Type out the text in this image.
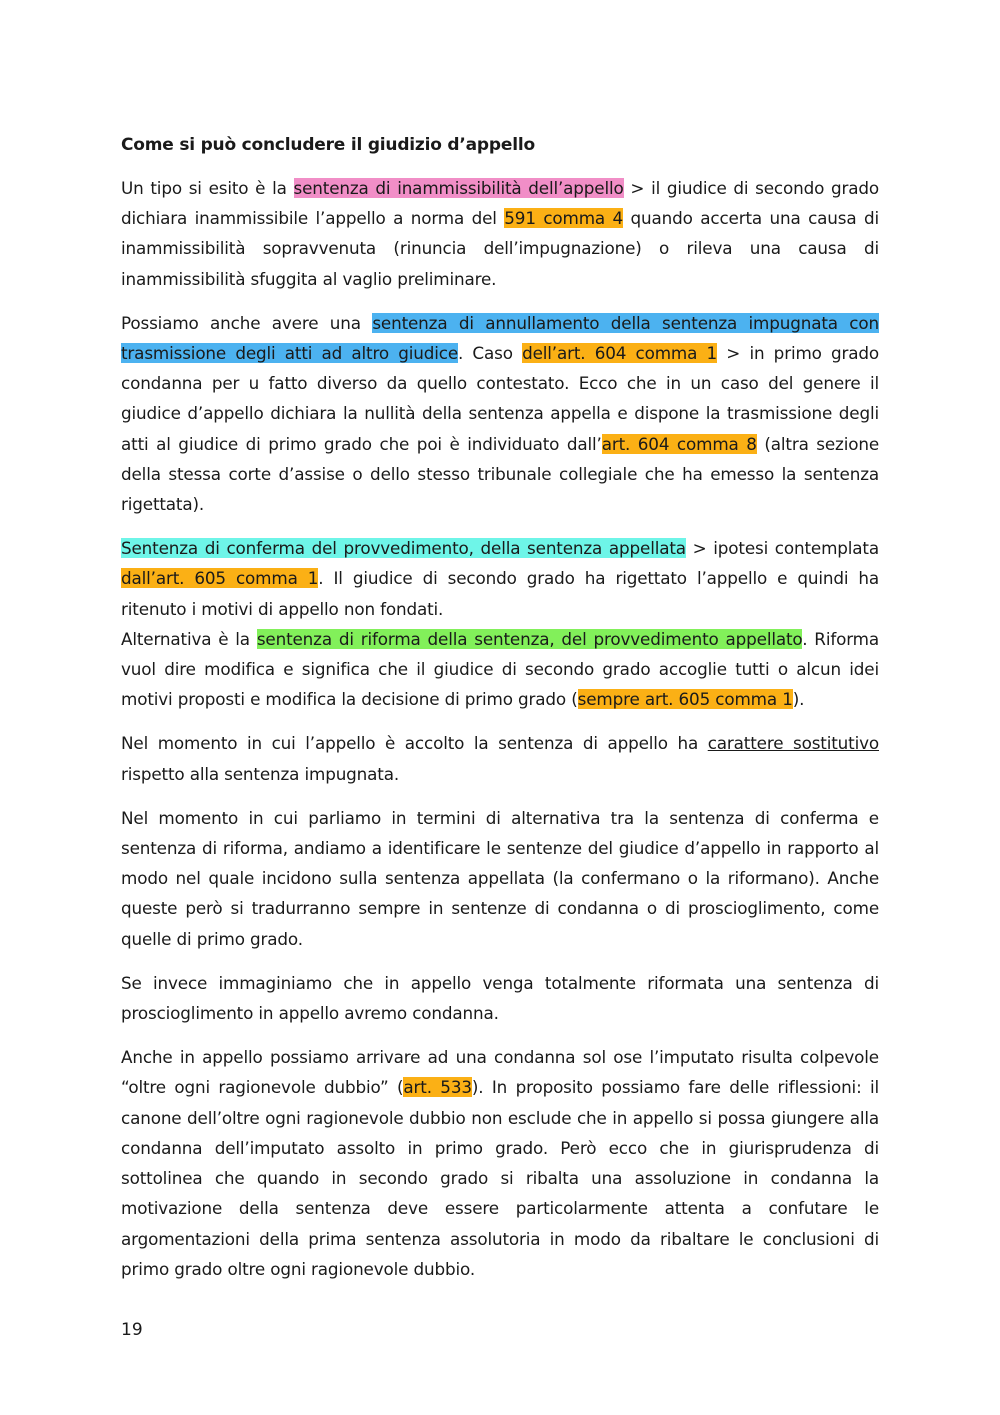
Come si può concludere il giudizio d’appello

Un tipo si esito è la sentenza di inammissibilità dell’appello > il giudice di secondo grado dichiara inammissibile l’appello a norma del 591 comma 4 quando accerta una causa di inammissibilità sopravvenuta (rinuncia dell’impugnazione) o rileva una causa di inammissibilità sfuggita al vaglio preliminare.

Possiamo anche avere una sentenza di annullamento della sentenza impugnata con trasmissione degli atti ad altro giudice. Caso dell’art. 604 comma 1 > in primo grado condanna per u fatto diverso da quello contestato. Ecco che in un caso del genere il giudice d’appello dichiara la nullità della sentenza appella e dispone la trasmissione degli atti al giudice di primo grado che poi è individuato dall’art. 604 comma 8 (altra sezione della stessa corte d’assise o dello stesso tribunale collegiale che ha emesso la sentenza rigettata).

Sentenza di conferma del provvedimento, della sentenza appellata > ipotesi contemplata dall’art. 605 comma 1. Il giudice di secondo grado ha rigettato l’appello e quindi ha ritenuto i motivi di appello non fondati.

Alternativa è la sentenza di riforma della sentenza, del provvedimento appellato. Riforma vuol dire modifica e significa che il giudice di secondo grado accoglie tutti o alcun idei motivi proposti e modifica la decisione di primo grado (sempre art. 605 comma 1).

Nel momento in cui l’appello è accolto la sentenza di appello ha carattere sostitutivo rispetto alla sentenza impugnata.

Nel momento in cui parliamo in termini di alternativa tra la sentenza di conferma e sentenza di riforma, andiamo a identificare le sentenze del giudice d’appello in rapporto al modo nel quale incidono sulla sentenza appellata (la confermano o la riformano). Anche queste però si tradurranno sempre in sentenze di condanna o di proscioglimento, come quelle di primo grado.

Se invece immaginiamo che in appello venga totalmente riformata una sentenza di proscioglimento in appello avremo condanna.

Anche in appello possiamo arrivare ad una condanna sol ose l’imputato risulta colpevole “oltre ogni ragionevole dubbio” (art. 533). In proposito possiamo fare delle riflessioni: il canone dell’oltre ogni ragionevole dubbio non esclude che in appello si possa giungere alla condanna dell’imputato assolto in primo grado. Però ecco che in giurisprudenza di sottolinea che quando in secondo grado si ribalta una assoluzione in condanna la motivazione della sentenza deve essere particolarmente attenta a confutare le argomentazioni della prima sentenza assolutoria in modo da ribaltare le conclusioni di primo grado oltre ogni ragionevole dubbio.

19
